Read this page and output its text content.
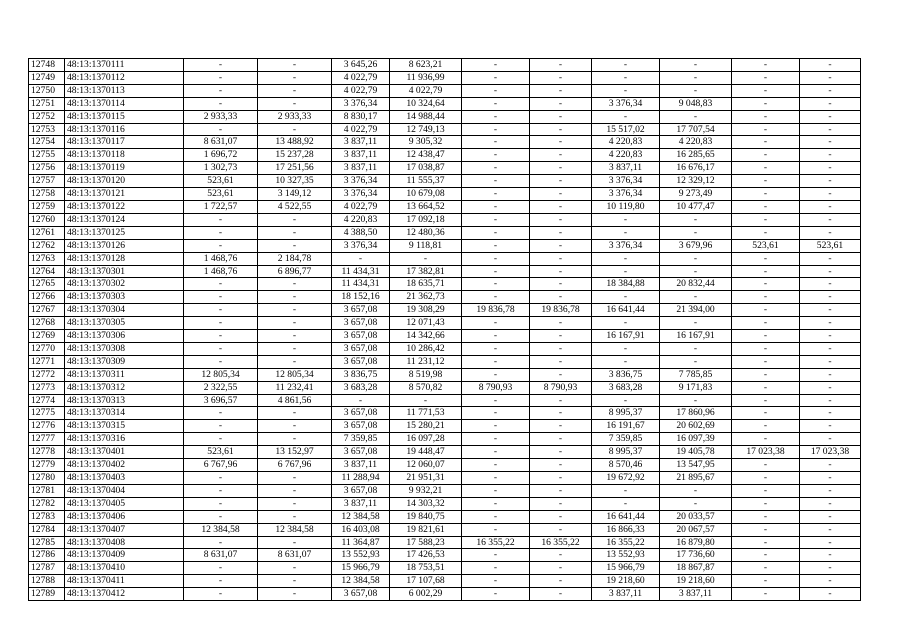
12748	48:13:1370111	-	-	3 645,26	8 623,21	-	-	-	-	-	-
12749	48:13:1370112	-	-	4 022,79	11 936,99	-	-	-	-	-	-
12750	48:13:1370113	-	-	4 022,79	4 022,79	-	-	-	-	-	-
12751	48:13:1370114	-	-	3 376,34	10 324,64	-	-	3 376,34	9 048,83	-	-
12752	48:13:1370115	2 933,33	2 933,33	8 830,17	14 988,44	-	-	-	-	-	-
12753	48:13:1370116	-	-	4 022,79	12 749,13	-	-	15 517,02	17 707,54	-	-
12754	48:13:1370117	8 631,07	13 488,92	3 837,11	9 305,32	-	-	4 220,83	4 220,83	-	-
12755	48:13:1370118	1 696,72	15 237,28	3 837,11	12 438,47	-	-	4 220,83	16 285,65	-	-
12756	48:13:1370119	1 302,73	17 251,56	3 837,11	17 038,87	-	-	3 837,11	16 676,17	-	-
12757	48:13:1370120	523,61	10 327,35	3 376,34	11 555,37	-	-	3 376,34	12 329,12	-	-
12758	48:13:1370121	523,61	3 149,12	3 376,34	10 679,08	-	-	3 376,34	9 273,49	-	-
12759	48:13:1370122	1 722,57	4 522,55	4 022,79	13 664,52	-	-	10 119,80	10 477,47	-	-
12760	48:13:1370124	-	-	4 220,83	17 092,18	-	-	-	-	-	-
12761	48:13:1370125	-	-	4 388,50	12 480,36	-	-	-	-	-	-
12762	48:13:1370126	-	-	3 376,34	9 118,81	-	-	3 376,34	3 679,96	523,61	523,61
12763	48:13:1370128	1 468,76	2 184,78	-	-	-	-	-	-	-	-
12764	48:13:1370301	1 468,76	6 896,77	11 434,31	17 382,81	-	-	-	-	-	-
12765	48:13:1370302	-	-	11 434,31	18 635,71	-	-	18 384,88	20 832,44	-	-
12766	48:13:1370303	-	-	18 152,16	21 362,73	-	-	-	-	-	-
12767	48:13:1370304	-	-	3 657,08	19 308,29	19 836,78	19 836,78	16 641,44	21 394,00	-	-
12768	48:13:1370305	-	-	3 657,08	12 071,43	-	-	-	-	-	-
12769	48:13:1370306	-	-	3 657,08	14 342,66	-	-	16 167,91	16 167,91	-	-
12770	48:13:1370308	-	-	3 657,08	10 286,42	-	-	-	-	-	-
12771	48:13:1370309	-	-	3 657,08	11 231,12	-	-	-	-	-	-
12772	48:13:1370311	12 805,34	12 805,34	3 836,75	8 519,98	-	-	3 836,75	7 785,85	-	-
12773	48:13:1370312	2 322,55	11 232,41	3 683,28	8 570,82	8 790,93	8 790,93	3 683,28	9 171,83	-	-
12774	48:13:1370313	3 696,57	4 861,56	-	-	-	-	-	-	-	-
12775	48:13:1370314	-	-	3 657,08	11 771,53	-	-	8 995,37	17 860,96	-	-
12776	48:13:1370315	-	-	3 657,08	15 280,21	-	-	16 191,67	20 602,69	-	-
12777	48:13:1370316	-	-	7 359,85	16 097,28	-	-	7 359,85	16 097,39	-	-
12778	48:13:1370401	523,61	13 152,97	3 657,08	19 448,47	-	-	8 995,37	19 405,78	17 023,38	17 023,38
12779	48:13:1370402	6 767,96	6 767,96	3 837,11	12 060,07	-	-	8 570,46	13 547,95	-	-
12780	48:13:1370403	-	-	11 288,94	21 951,31	-	-	19 672,92	21 895,67	-	-
12781	48:13:1370404	-	-	3 657,08	9 932,21	-	-	-	-	-	-
12782	48:13:1370405	-	-	3 837,11	14 303,32	-	-	-	-	-	-
12783	48:13:1370406	-	-	12 384,58	19 840,75	-	-	16 641,44	20 033,57	-	-
12784	48:13:1370407	12 384,58	12 384,58	16 403,08	19 821,61	-	-	16 866,33	20 067,57	-	-
12785	48:13:1370408	-	-	11 364,87	17 588,23	16 355,22	16 355,22	16 355,22	16 879,80	-	-
12786	48:13:1370409	8 631,07	8 631,07	13 552,93	17 426,53	-	-	13 552,93	17 736,60	-	-
12787	48:13:1370410	-	-	15 966,79	18 753,51	-	-	15 966,79	18 867,87	-	-
12788	48:13:1370411	-	-	12 384,58	17 107,68	-	-	19 218,60	19 218,60	-	-
12789	48:13:1370412	-	-	3 657,08	6 002,29	-	-	3 837,11	3 837,11	-	-
